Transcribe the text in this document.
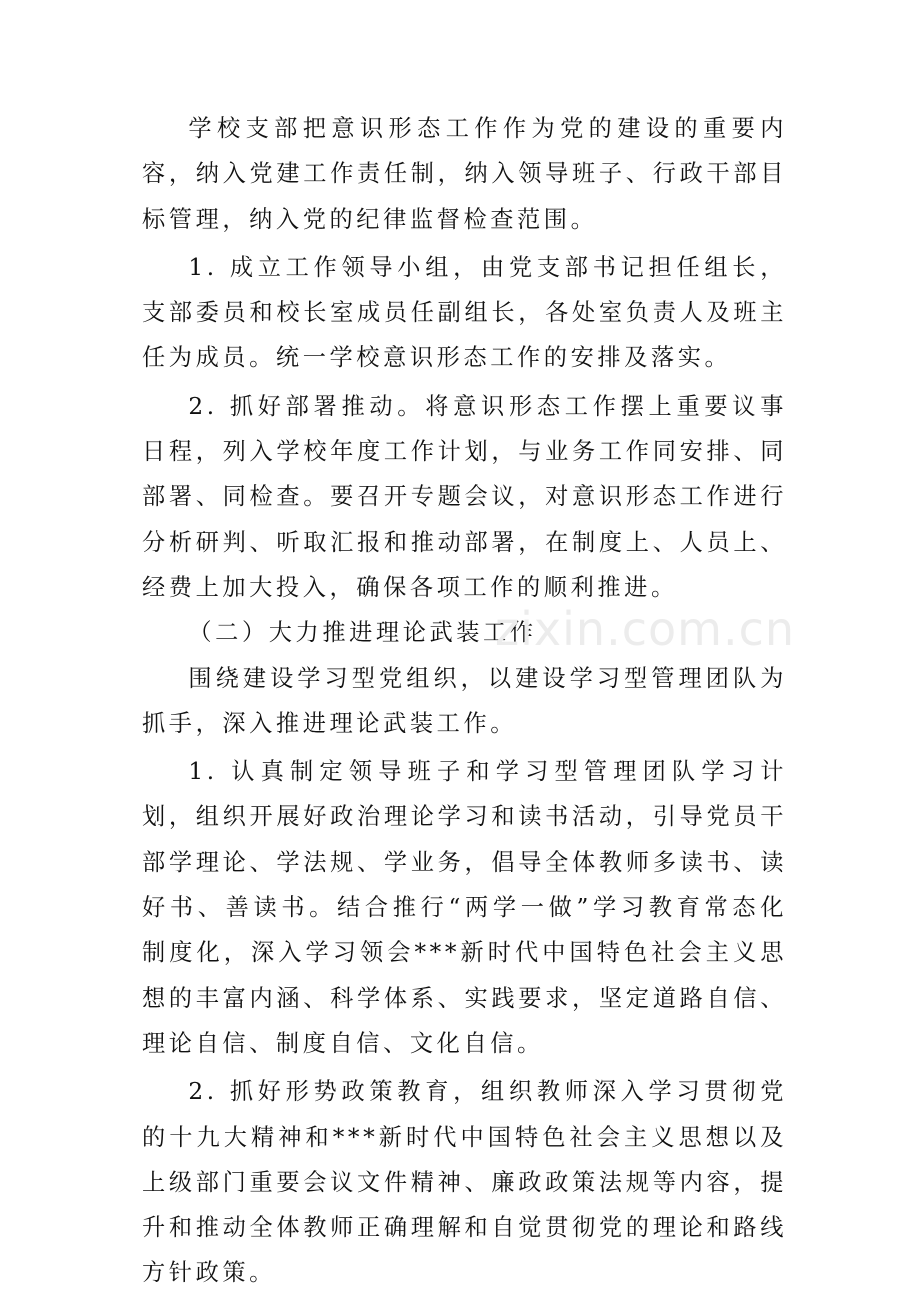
学校支部把意识形态工作作为党的建设的重要内容，纳入党建工作责任制，纳入领导班子、行政干部目标管理，纳入党的纪律监督检查范围。

1. 成立工作领导小组，由党支部书记担任组长，支部委员和校长室成员任副组长，各处室负责人及班主任为成员。统一学校意识形态工作的安排及落实。

2. 抓好部署推动。将意识形态工作摆上重要议事日程，列入学校年度工作计划，与业务工作同安排、同部署、同检查。要召开专题会议，对意识形态工作进行分析研判、听取汇报和推动部署，在制度上、人员上、经费上加大投入，确保各项工作的顺利推进。

（二）大力推进理论武装工作

围绕建设学习型党组织，以建设学习型管理团队为抓手，深入推进理论武装工作。

1. 认真制定领导班子和学习型管理团队学习计划，组织开展好政治理论学习和读书活动，引导党员干部学理论、学法规、学业务，倡导全体教师多读书、读好书、善读书。结合推行“两学一做”学习教育常态化制度化，深入学习领会***新时代中国特色社会主义思想的丰富内涵、科学体系、实践要求，坚定道路自信、理论自信、制度自信、文化自信。

2. 抓好形势政策教育，组织教师深入学习贯彻党的十九大精神和***新时代中国特色社会主义思想以及上级部门重要会议文件精神、廉政政策法规等内容，提升和推动全体教师正确理解和自觉贯彻党的理论和路线方针政策。

zixin.com.cn
